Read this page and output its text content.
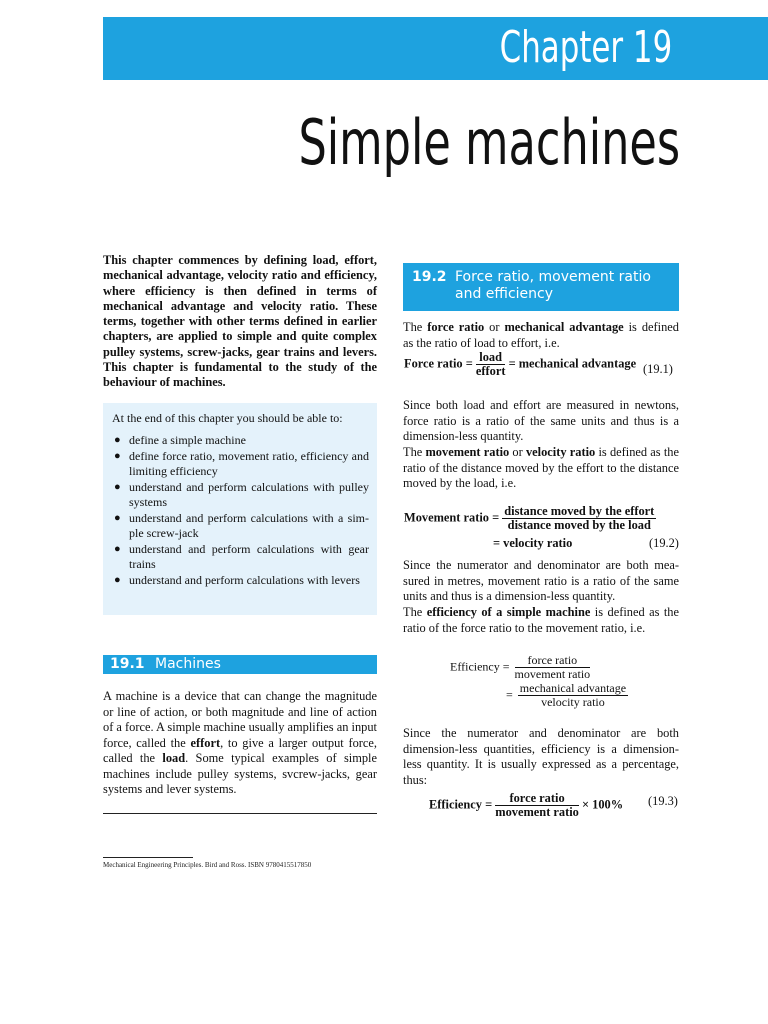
Chapter 19
Simple machines
This chapter commences by defining load, effort, mechanical advantage, velocity ratio and efficiency, where efficiency is then defined in terms of mechanical advantage and velocity ratio. These terms, together with other terms defined in earlier chapters, are applied to simple and quite complex pulley systems, screw-jacks, gear trains and levers. This chapter is fundamental to the study of the behaviour of machines.
At the end of this chapter you should be able to:
● define a simple machine
● define force ratio, movement ratio, efficiency and limiting efficiency
● understand and perform calculations with pulley systems
● understand and perform calculations with a sim- ple screw-jack
● understand and perform calculations with gear trains
● understand and perform calculations with levers
19.1 Machines
A machine is a device that can change the magnitude or line of action, or both magnitude and line of action of a force. A simple machine usually amplifies an input force, called the effort, to give a larger output force, called the load. Some typical examples of simple machines include pulley systems, svcrew-jacks, gear systems and lever systems.
Mechanical Engineering Principles. Bird and Ross. ISBN 9780415517850
19.2 Force ratio, movement ratio and efficiency
The force ratio or mechanical advantage is defined as the ratio of load to effort, i.e.
Force ratio = $\frac{\text{load}}{\text{effort}}$ = mechanical advantage (19.1)
Since both load and effort are measured in newtons, force ratio is a ratio of the same units and thus is a dimension-less quantity.
The movement ratio or velocity ratio is defined as the ratio of the distance moved by the effort to the distance moved by the load, i.e.
Movement ratio = $\frac{\text{distance moved by the effort}}{\text{distance moved by the load}}$
= velocity ratio	(19.2)
Since the numerator and denominator are both mea- sured in metres, movement ratio is a ratio of the same units and thus is a dimension-less quantity.
The efficiency of a simple machine is defined as the ratio of the force ratio to the movement ratio, i.e.
Efficiency = $\frac{\text{force ratio}}{\text{movement ratio}}$
= $\frac{\text{mechanical advantage}}{\text{velocity ratio}}$
Since the numerator and denominator are both dimension-less quantities, efficiency is a dimension-less quantity. It is usually expressed as a percentage, thus:
Efficiency = $\frac{\text{force ratio}}{\text{movement ratio}} \times 100\%$ (19.3)
